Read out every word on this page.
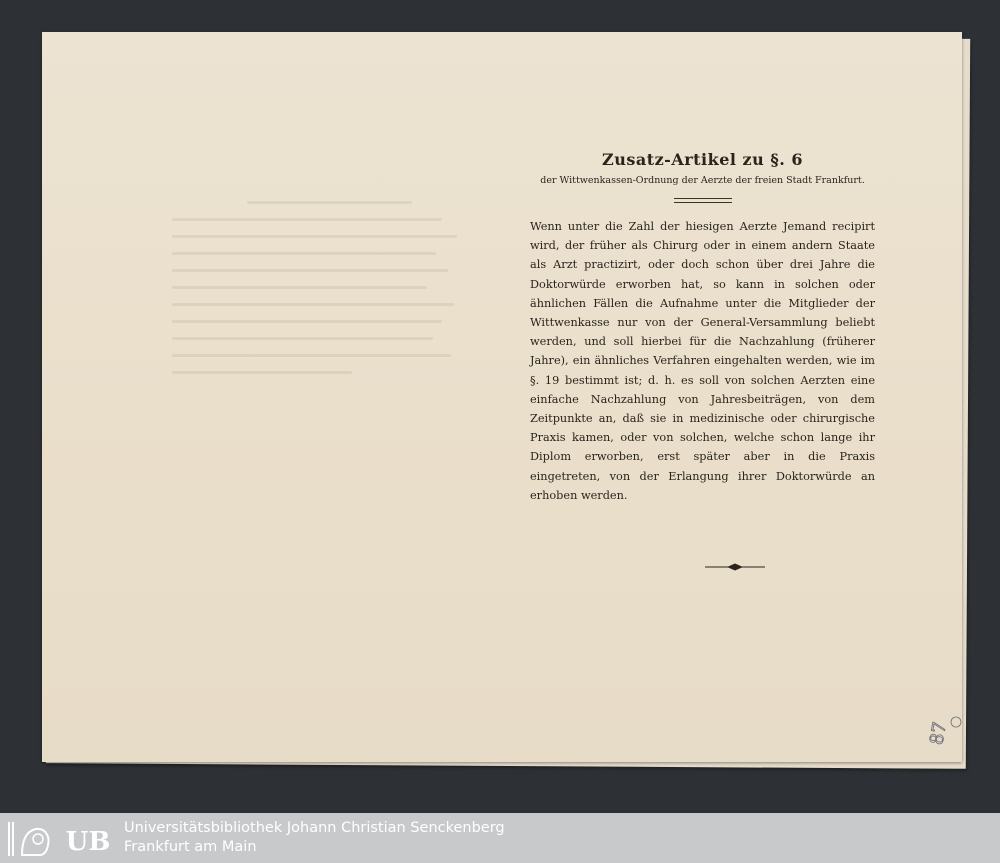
Zusatz-Artikel zu §. 6
der Wittwenkassen-Ordnung der Aerzte der freien Stadt Frankfurt.
Wenn unter die Zahl der hiesigen Aerzte Jemand recipirt wird, der früher als Chirurg oder in einem andern Staate als Arzt practizirt, oder doch schon über drei Jahre die Doktorwürde erworben hat, so kann in solchen oder ähnlichen Fällen die Aufnahme unter die Mitglieder der Wittwenkasse nur von der General-Versammlung beliebt werden, und soll hierbei für die Nachzahlung (früherer Jahre), ein ähnliches Verfahren eingehalten werden, wie im §. 19 bestimmt ist; d. h. es soll von solchen Aerzten eine einfache Nachzahlung von Jahresbeiträgen, von dem Zeitpunkte an, daß sie in medizinische oder chirurgische Praxis kamen, oder von solchen, welche schon lange ihr Diplom erworben, erst später aber in die Praxis eingetreten, von der Erlangung ihrer Doktorwürde an erhoben werden.
87
UB Universitätsbibliothek Johann Christian Senckenberg
Frankfurt am Main
